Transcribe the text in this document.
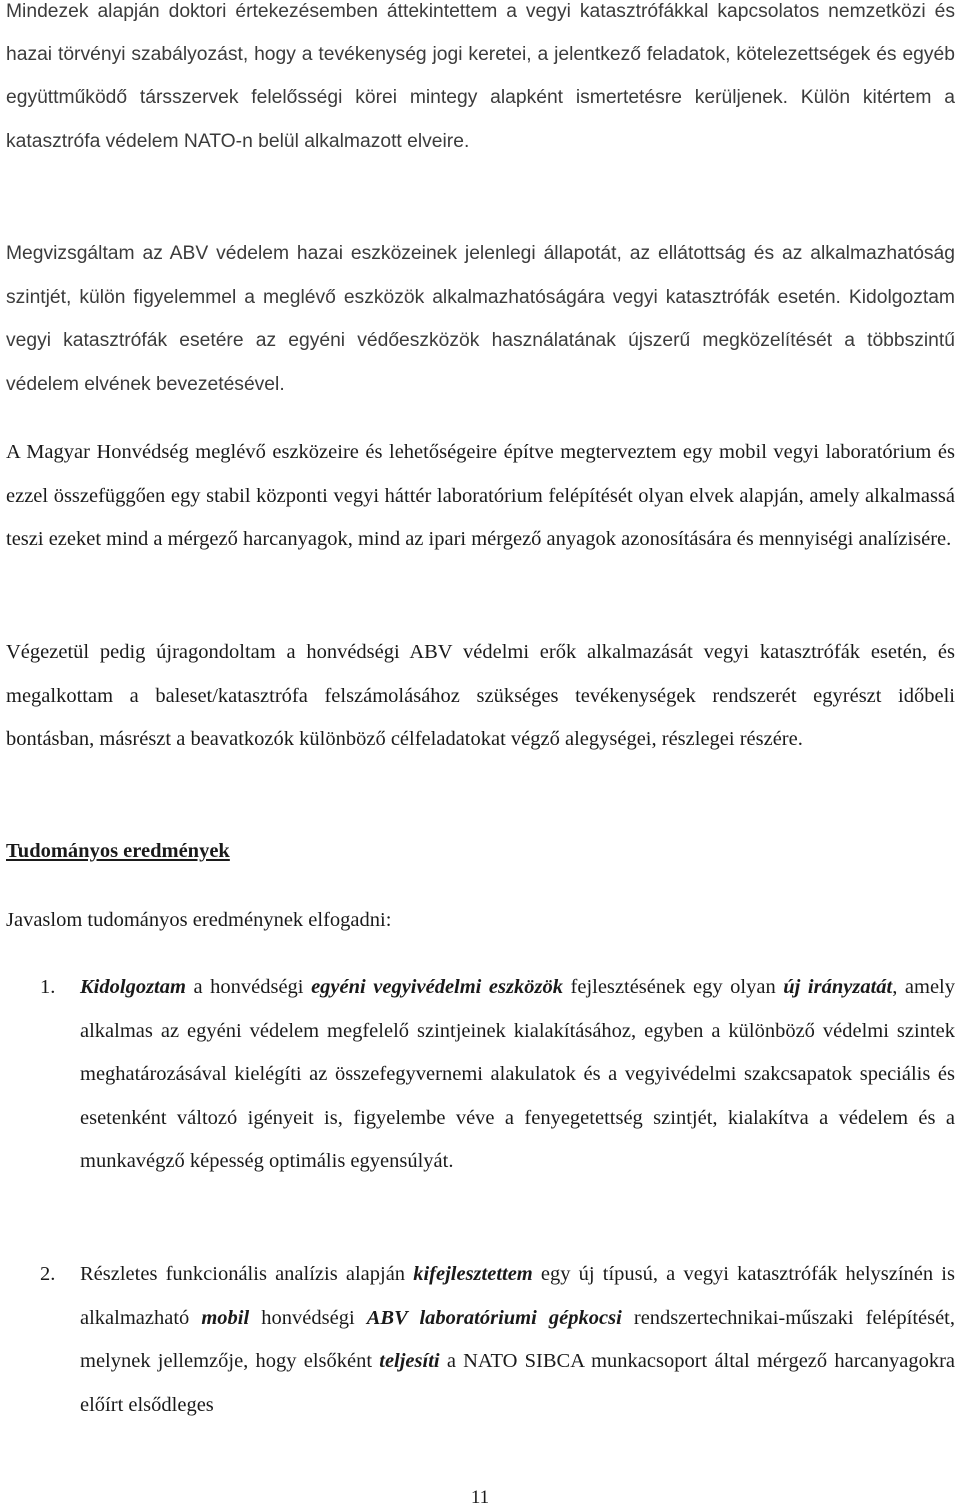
Mindezek alapján doktori értekezésemben áttekintettem a vegyi katasztrófákkal kapcsolatos nemzetközi és hazai törvényi szabályozást, hogy a tevékenység jogi keretei, a jelentkező feladatok, kötelezettségek és egyéb együttműködő társszervek felelősségi körei mintegy alapként ismertetésre kerüljenek. Külön kitértem a katasztrófa védelem NATO-n belül alkalmazott elveire.

Megvizsgáltam az ABV védelem hazai eszközeinek jelenlegi állapotát, az ellátottság és az alkalmazhatóság szintjét, külön figyelemmel a meglévő eszközök alkalmazhatóságára vegyi katasztrófák esetén. Kidolgoztam vegyi katasztrófák esetére az egyéni védőeszközök használatának újszerű megközelítését a többszintű védelem elvének bevezetésével.

A Magyar Honvédség meglévő eszközeire és lehetőségeire építve megterveztem egy mobil vegyi laboratórium és ezzel összefüggően egy stabil központi vegyi háttér laboratórium felépítését olyan elvek alapján, amely alkalmassá teszi ezeket mind a mérgező harcanyagok, mind az ipari mérgező anyagok azonosítására és mennyiségi analízisére.

Végezetül pedig újragondoltam a honvédségi ABV védelmi erők alkalmazását vegyi katasztrófák esetén, és megalkottam a baleset/katasztrófa felszámolásához szükséges tevékenységek rendszerét egyrészt időbeli bontásban, másrészt a beavatkozók különböző célfeladatokat végző alegységei, részlegei részére.

Tudományos eredmények

Javaslom tudományos eredménynek elfogadni:

1. Kidolgoztam a honvédségi egyéni vegyivédelmi eszközök fejlesztésének egy olyan új irányzatát, amely alkalmas az egyéni védelem megfelelő szintjeinek kialakításához, egyben a különböző védelmi szintek meghatározásával kielégíti az összefegyvernemi alakulatok és a vegyivédelmi szakcsapatok speciális és esetenként változó igényeit is, figyelembe véve a fenyegetettség szintjét, kialakítva a védelem és a munkavégző képesség optimális egyensúlyát.

2. Részletes funkcionális analízis alapján kifejlesztettem egy új típusú, a vegyi katasztrófák helyszínén is alkalmazható mobil honvédségi ABV laboratóriumi gépkocsi rendszertechnikai-műszaki felépítését, melynek jellemzője, hogy elsőként teljesíti a NATO SIBCA munkacsoport által mérgező harcanyagokra előírt elsődleges

11
